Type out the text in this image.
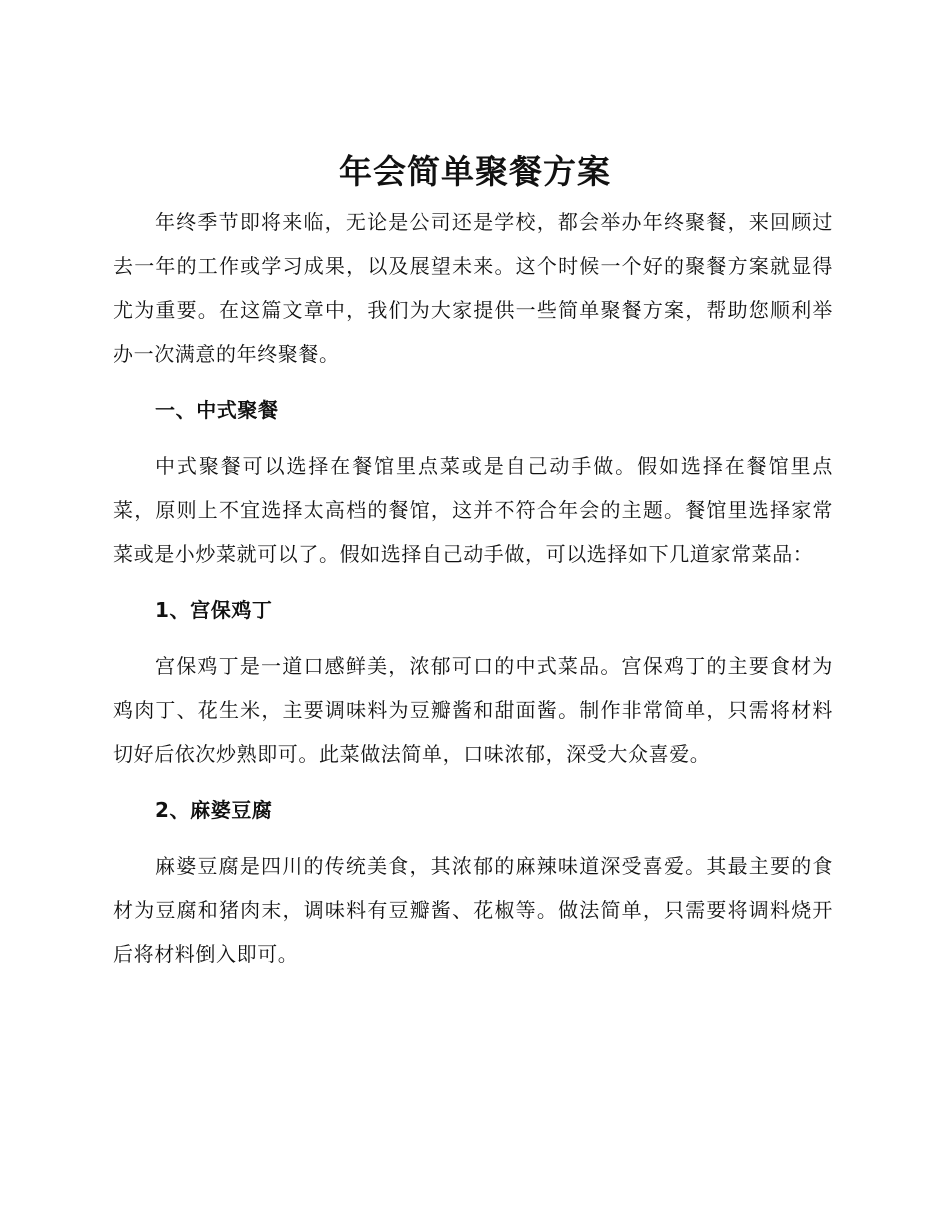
年会简单聚餐方案

年终季节即将来临，无论是公司还是学校，都会举办年终聚餐，来回顾过去一年的工作或学习成果，以及展望未来。这个时候一个好的聚餐方案就显得尤为重要。在这篇文章中，我们为大家提供一些简单聚餐方案，帮助您顺利举办一次满意的年终聚餐。

一、中式聚餐

中式聚餐可以选择在餐馆里点菜或是自己动手做。假如选择在餐馆里点菜，原则上不宜选择太高档的餐馆，这并不符合年会的主题。餐馆里选择家常菜或是小炒菜就可以了。假如选择自己动手做，可以选择如下几道家常菜品：

1、宫保鸡丁

宫保鸡丁是一道口感鲜美，浓郁可口的中式菜品。宫保鸡丁的主要食材为鸡肉丁、花生米，主要调味料为豆瓣酱和甜面酱。制作非常简单，只需将材料切好后依次炒熟即可。此菜做法简单，口味浓郁，深受大众喜爱。

2、麻婆豆腐

麻婆豆腐是四川的传统美食，其浓郁的麻辣味道深受喜爱。其最主要的食材为豆腐和猪肉末，调味料有豆瓣酱、花椒等。做法简单，只需要将调料烧开后将材料倒入即可。
